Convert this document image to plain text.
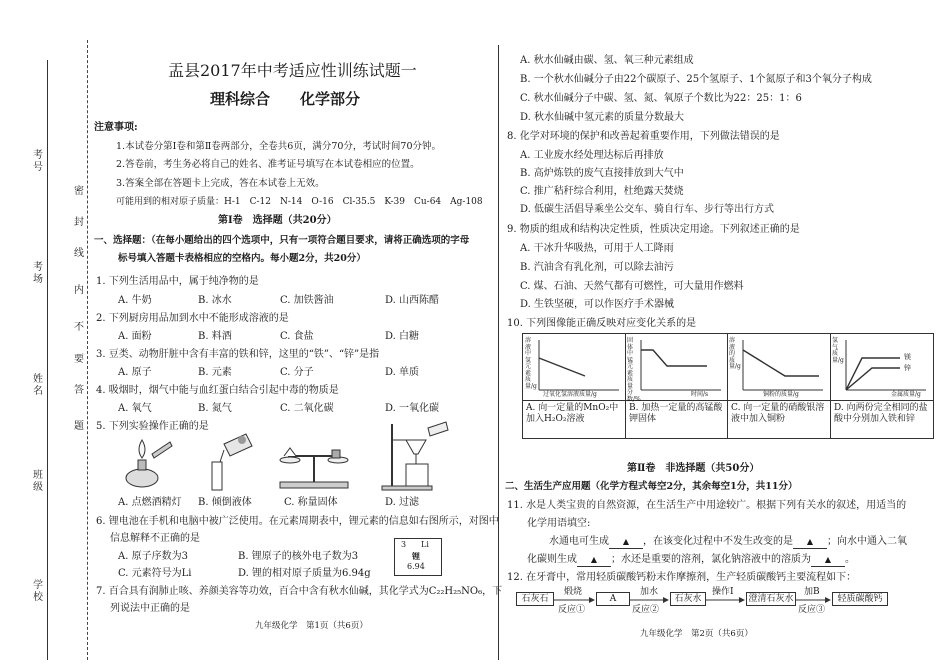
考
号
考
场
姓
名
班
级
学
校
密
封
线
内
不
要
答
题
盂县2017年中考适应性训练试题一
理科综合　　化学部分
注意事项:
1.本试卷分第Ⅰ卷和第Ⅱ卷两部分，全卷共6页，满分70分，考试时间70分钟。
2.答卷前，考生务必将自己的姓名、准考证号填写在本试卷相应的位置。
3.答案全部在答题卡上完成，答在本试卷上无效。
可能用到的相对原子质量：H-1　C-12　N-14　O-16　Cl-35.5　K-39　Cu-64　Ag-108
第Ⅰ卷　选择题（共20分）
一、选择题：（在每小题给出的四个选项中，只有一项符合题目要求，请将正确选项的字母
标号填入答题卡表格相应的空格内。每小题2分，共20分）
1. 下列生活用品中，属于纯净物的是
A. 牛奶	B. 冰水	C. 加铁酱油	D. 山西陈醋
2. 下列厨房用品加到水中不能形成溶液的是
A. 面粉	B. 料酒	C. 食盐	D. 白糖
3. 豆类、动物肝脏中含有丰富的铁和锌，这里的“铁”、“锌”是指
A. 原子	B. 元素	C. 分子	D. 单质
4. 吸烟时，烟气中能与血红蛋白结合引起中毒的物质是
A. 氧气	B. 氮气	C. 二氧化碳	D. 一氧化碳
5. 下列实验操作正确的是
A. 点燃酒精灯 B. 倾倒液体	C. 称量固体	D. 过滤
6. 锂电池在手机和电脑中被广泛使用。在元素周期表中，锂元素的信息如右图所示，对图中
信息解释不正确的是
A. 原子序数为3	B. 锂原子的核外电子数为3
C. 元素符号为Li	D. 锂的相对原子质量为6.94g
3 Li
锂
6.94
7. 百合具有润肺止咳、养颜美容等功效，百合中含有秋水仙碱，其化学式为C₂₂H₂₅NO₆，下
列说法中正确的是
九年级化学　第1页（共6页）
A. 秋水仙碱由碳、氢、氧三种元素组成
B. 一个秋水仙碱分子由22个碳原子、25个氢原子、1个氮原子和3个氧分子构成
C. 秋水仙碱分子中碳、氢、氮、氧原子个数比为22：25：1：6
D. 秋水仙碱中氢元素的质量分数最大
8. 化学对环境的保护和改善起着重要作用，下列做法错误的是
A. 工业废水经处理达标后再排放
B. 高炉炼铁的废气直接排放到大气中
C. 推广秸秆综合利用，杜绝露天焚烧
D. 低碳生活倡导乘坐公交车、骑自行车、步行等出行方式
9. 物质的组成和结构决定性质，性质决定用途。下列叙述正确的是
A. 干冰升华吸热，可用于人工降雨
B. 汽油含有乳化剂，可以除去油污
C. 煤、石油、天然气都有可燃性，可大量用作燃料
D. 生铁坚硬，可以作医疗手术器械
10. 下列图像能正确反映对应变化关系的是
溶液中氢元素质量/g
过氧化氢溶液质量/g
A. 向一定量的MnO₂中加入H₂O₂溶液
固体中锰元素质量分数/%
时间/s
B. 加热一定量的高锰酸钾固体
溶液的质量/g
铜粉的质量/g
C. 向一定量的硝酸银溶液中加入铜粉
氢气质量/g	镁
锌
金属质量/g
D. 向两份完全相同的盐酸中分别加入铁和锌
第Ⅱ卷　非选择题（共50分）
二、生活生产应用题（化学方程式每空2分，其余每空1分，共11分）
11. 水是人类宝贵的自然资源，在生活生产中用途较广。根据下列有关水的叙述，用适当的
化学用语填空:
水通电可生成 ▲ ，在该变化过程中不发生改变的是 ▲ ；向水中通入二氧
化碳则生成 ▲ ；水还是重要的溶剂，氯化钠溶液中的溶质为 ▲ 。
12. 在牙膏中，常用轻质碳酸钙粉末作摩擦剂，生产轻质碳酸钙主要流程如下：
石灰石
煅烧
反应①
A
加水
反应②
石灰水
操作Ⅰ
澄清石灰水
加B
反应③
轻质碳酸钙
九年级化学　第2页（共6页）
